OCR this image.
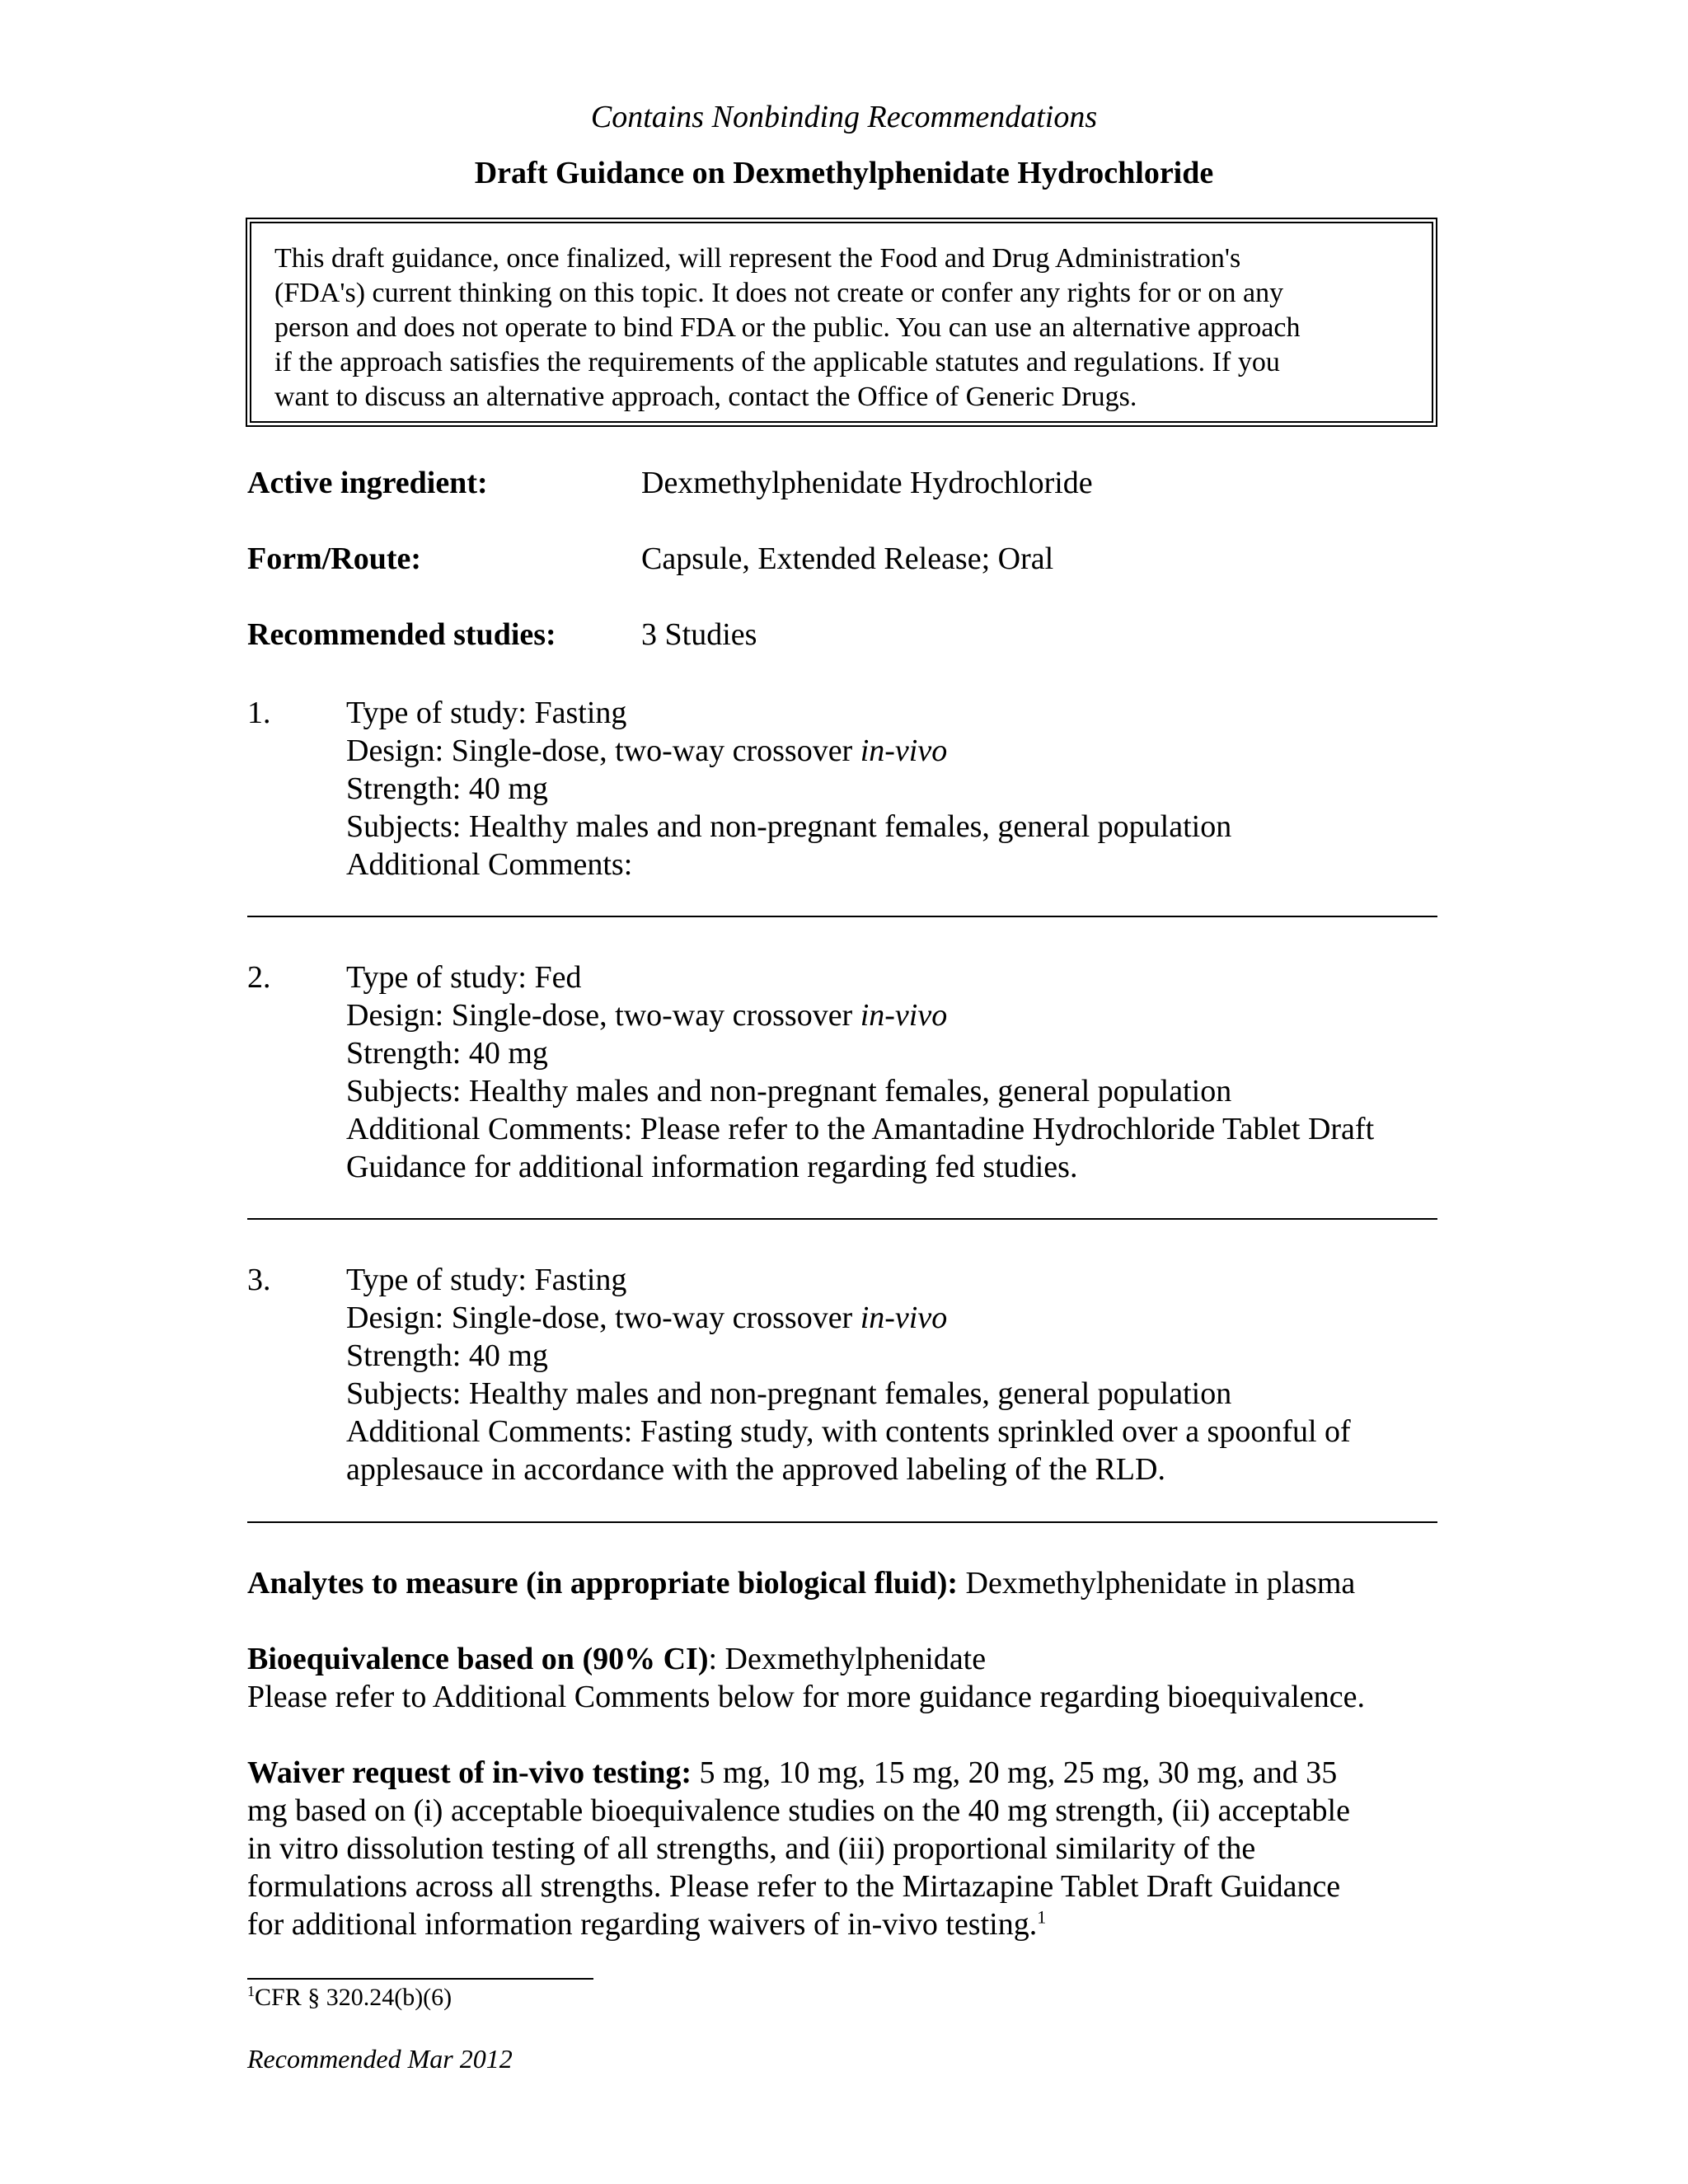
Contains Nonbinding Recommendations
Draft Guidance on Dexmethylphenidate Hydrochloride
This draft guidance, once finalized, will represent the Food and Drug Administration's
(FDA's) current thinking on this topic. It does not create or confer any rights for or on any
person and does not operate to bind FDA or the public. You can use an alternative approach
if the approach satisfies the requirements of the applicable statutes and regulations. If you
want to discuss an alternative approach, contact the Office of Generic Drugs.
Active ingredient:	Dexmethylphenidate Hydrochloride
Form/Route:	Capsule, Extended Release; Oral
Recommended studies:	3 Studies
1. Type of study: Fasting
Design: Single-dose, two-way crossover in-vivo
Strength: 40 mg
Subjects: Healthy males and non-pregnant females, general population
Additional Comments:
2. Type of study: Fed
Design: Single-dose, two-way crossover in-vivo
Strength: 40 mg
Subjects: Healthy males and non-pregnant females, general population
Additional Comments: Please refer to the Amantadine Hydrochloride Tablet Draft
Guidance for additional information regarding fed studies.
3. Type of study: Fasting
Design: Single-dose, two-way crossover in-vivo
Strength: 40 mg
Subjects: Healthy males and non-pregnant females, general population
Additional Comments: Fasting study, with contents sprinkled over a spoonful of
applesauce in accordance with the approved labeling of the RLD.
Analytes to measure (in appropriate biological fluid): Dexmethylphenidate in plasma
Bioequivalence based on (90% CI): Dexmethylphenidate
Please refer to Additional Comments below for more guidance regarding bioequivalence.
Waiver request of in-vivo testing: 5 mg, 10 mg, 15 mg, 20 mg, 25 mg, 30 mg, and 35
mg based on (i) acceptable bioequivalence studies on the 40 mg strength, (ii) acceptable
in vitro dissolution testing of all strengths, and (iii) proportional similarity of the
formulations across all strengths. Please refer to the Mirtazapine Tablet Draft Guidance
for additional information regarding waivers of in-vivo testing.$^1$
$^1$CFR § 320.24(b)(6)
Recommended Mar 2012
